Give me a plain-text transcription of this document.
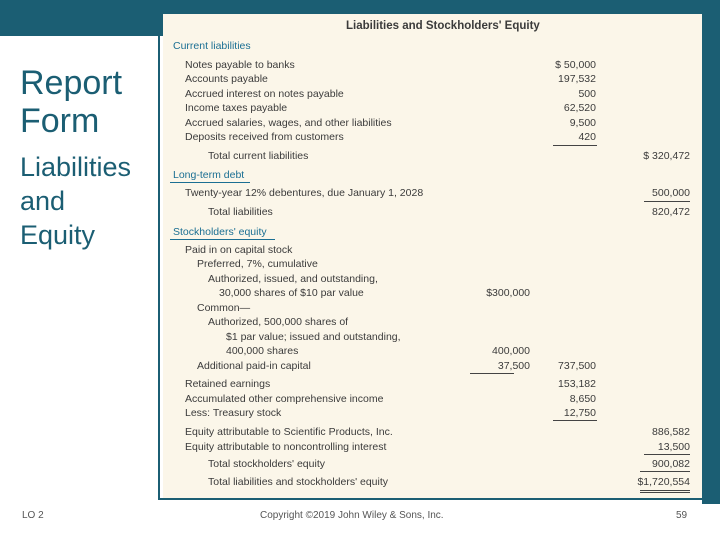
Report Form
Liabilities
and
Equity
Liabilities and Stockholders' Equity
Current liabilities
Notes payable to banks	$ 50,000
Accounts payable	197,532
Accrued interest on notes payable	500
Income taxes payable	62,520
Accrued salaries, wages, and other liabilities	9,500
Deposits received from customers	420
Total current liabilities	$ 320,472
Long-term debt
Twenty-year 12% debentures, due January 1, 2028	500,000
Total liabilities	820,472
Stockholders' equity
Paid in on capital stock
Preferred, 7%, cumulative
Authorized, issued, and outstanding,
30,000 shares of $10 par value	$300,000
Common—
Authorized, 500,000 shares of
$1 par value; issued and outstanding,
400,000 shares	400,000
Additional paid-in capital	37,500	737,500
Retained earnings	153,182
Accumulated other comprehensive income	8,650
Less: Treasury stock	12,750
Equity attributable to Scientific Products, Inc.	886,582
Equity attributable to noncontrolling interest	13,500
Total stockholders' equity	900,082
Total liabilities and stockholders' equity	$1,720,554
LO 2	Copyright ©2019 John Wiley & Sons, Inc.	59
